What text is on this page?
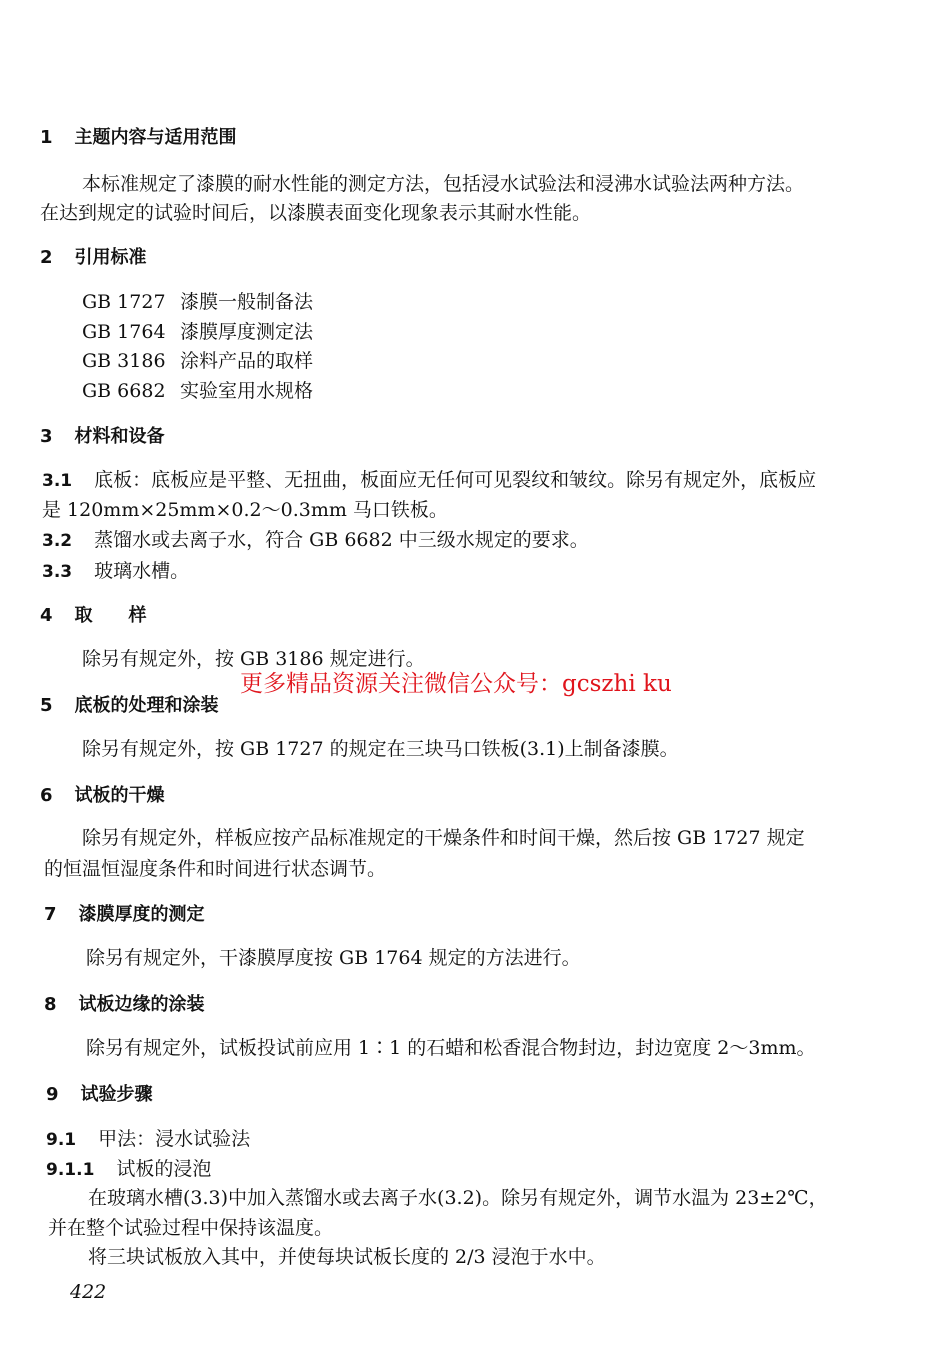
1 主题内容与适用范围
本标准规定了漆膜的耐水性能的测定方法，包括浸水试验法和浸沸水试验法两种方法。
在达到规定的试验时间后，以漆膜表面变化现象表示其耐水性能。
2 引用标准
GB 1727 漆膜一般制备法
GB 1764 漆膜厚度测定法
GB 3186 涂料产品的取样
GB 6682 实验室用水规格
3 材料和设备
3.1 底板：底板应是平整、无扭曲，板面应无任何可见裂纹和皱纹。除另有规定外，底板应
是 120mm×25mm×0.2～0.3mm 马口铁板。
3.2 蒸馏水或去离子水，符合 GB 6682 中三级水规定的要求。
3.3 玻璃水槽。
4 取　　样
除另有规定外，按 GB 3186 规定进行。
更多精品资源关注微信公众号：gcszhi ku
5 底板的处理和涂装
除另有规定外，按 GB 1727 的规定在三块马口铁板(3.1)上制备漆膜。
6 试板的干燥
除另有规定外，样板应按产品标准规定的干燥条件和时间干燥，然后按 GB 1727 规定
的恒温恒湿度条件和时间进行状态调节。
7 漆膜厚度的测定
除另有规定外，干漆膜厚度按 GB 1764 规定的方法进行。
8 试板边缘的涂装
除另有规定外，试板投试前应用 1∶1 的石蜡和松香混合物封边，封边宽度 2～3mm。
9 试验步骤
9.1 甲法：浸水试验法
9.1.1 试板的浸泡
在玻璃水槽(3.3)中加入蒸馏水或去离子水(3.2)。除另有规定外，调节水温为 23±2℃，
并在整个试验过程中保持该温度。
将三块试板放入其中，并使每块试板长度的 2/3 浸泡于水中。
422
